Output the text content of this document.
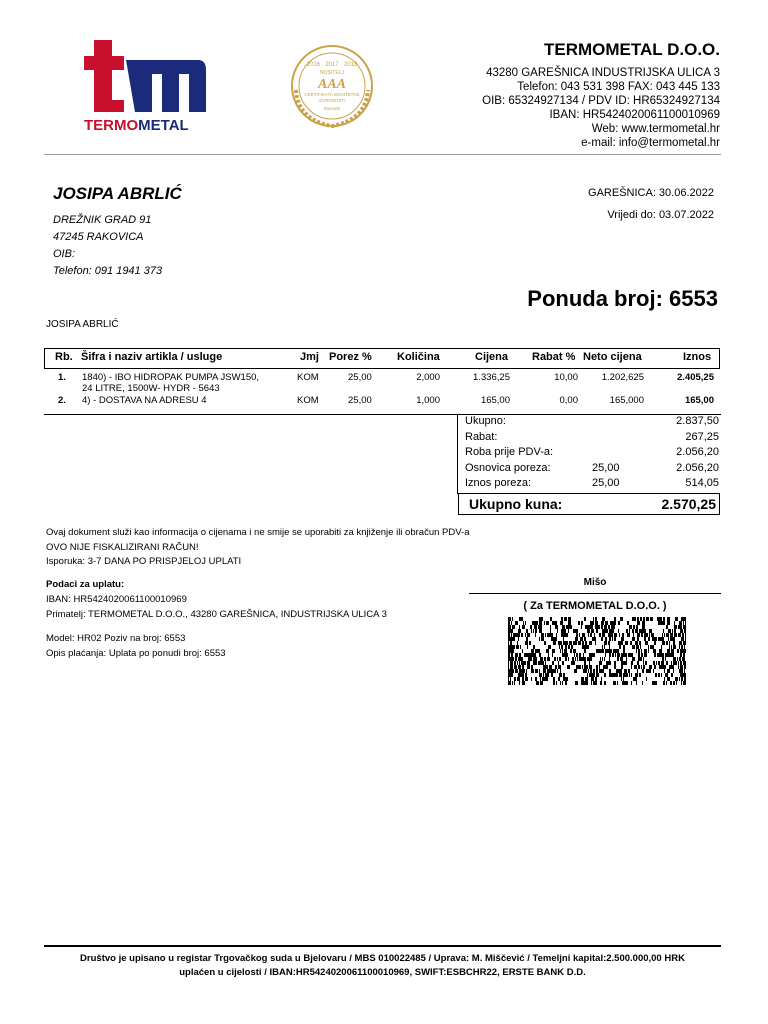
TERMOMETAL
2016 · 2017 · 2018
NOSITELJ
AAA
CERTIFIKATA BONITETNE
IZVRSNOSTI
Bisnode
TERMOMETAL D.O.O.
43280 GAREŠNICA INDUSTRIJSKA ULICA 3
Telefon: 043 531 398 FAX: 043 445 133
OIB: 65324927134 / PDV ID: HR65324927134
IBAN: HR5424020061100010969
Web: www.termometal.hr
e-mail: info@termometal.hr
JOSIPA ABRLIĆ
DREŽNIK GRAD 91
47245 RAKOVICA
OIB:
Telefon: 091 1941 373
GAREŠNICA: 30.06.2022
Vrijedi do: 03.07.2022
Ponuda broj: 6553
JOSIPA ABRLIĆ
Rb. Šifra i naziv artikla / usluge	Jmj Porez % Količina	Cijena Rabat % Neto cijena	Iznos
1. 1840) - IBO HIDROPAK PUMPA JSW150,
24 LITRE, 1500W- HYDR - 5643
KOM	25,00	2,000	1.336,25	10,00 1.202,625	2.405,25
2. 4) - DOSTAVA NA ADRESU 4	KOM	25,00	1,000	165,00	0,00	165,000	165,00
Ukupno:	2.837,50
Rabat:	267,25
Roba prije PDV-a:	2.056,20
Osnovica poreza:	25,00	2.056,20
Iznos poreza:	25,00	514,05
Ukupno kuna:	2.570,25
Ovaj dokument služi kao informacija o cijenama i ne smije se uporabiti za knjiženje ili obračun PDV-a
OVO NIJE FISKALIZIRANI RAČUN!
Isporuka: 3-7 DANA PO PRISPJELOJ UPLATI
Podaci za uplatu:
IBAN: HR5424020061100010969
Primatelj: TERMOMETAL D.O.O., 43280 GAREŠNICA, INDUSTRIJSKA ULICA 3
Model: HR02 Poziv na broj: 6553
Opis plaćanja: Uplata po ponudi broj: 6553
Mišo
( Za TERMOMETAL D.O.O. )
Društvo je upisano u registar Trgovačkog suda u Bjelovaru / MBS 010022485 / Uprava: M. Miščević / Temeljni kapital:2.500.000,00 HRK
uplaćen u cijelosti / IBAN:HR5424020061100010969, SWIFT:ESBCHR22, ERSTE BANK D.D.
